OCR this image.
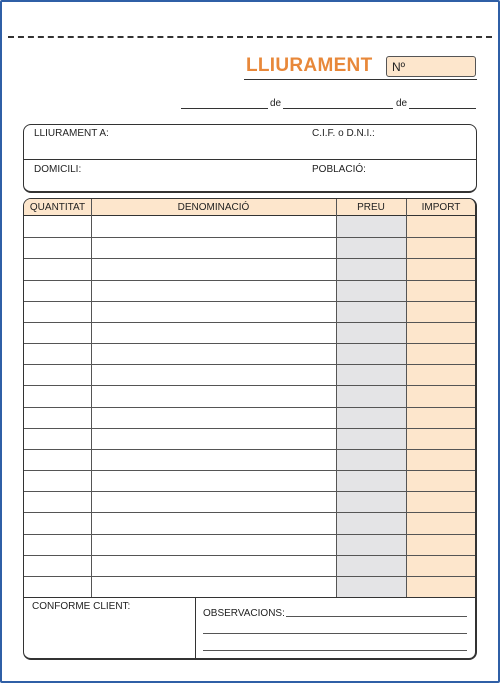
LLIURAMENT	Nº
de	de
LLIURAMENT A:	C.I.F. o D.N.I.:
DOMICILI:	POBLACIÓ:
QUANTITAT	DENOMINACIÓ	PREU	IMPORT
CONFORME CLIENT:
OBSERVACIONS:
